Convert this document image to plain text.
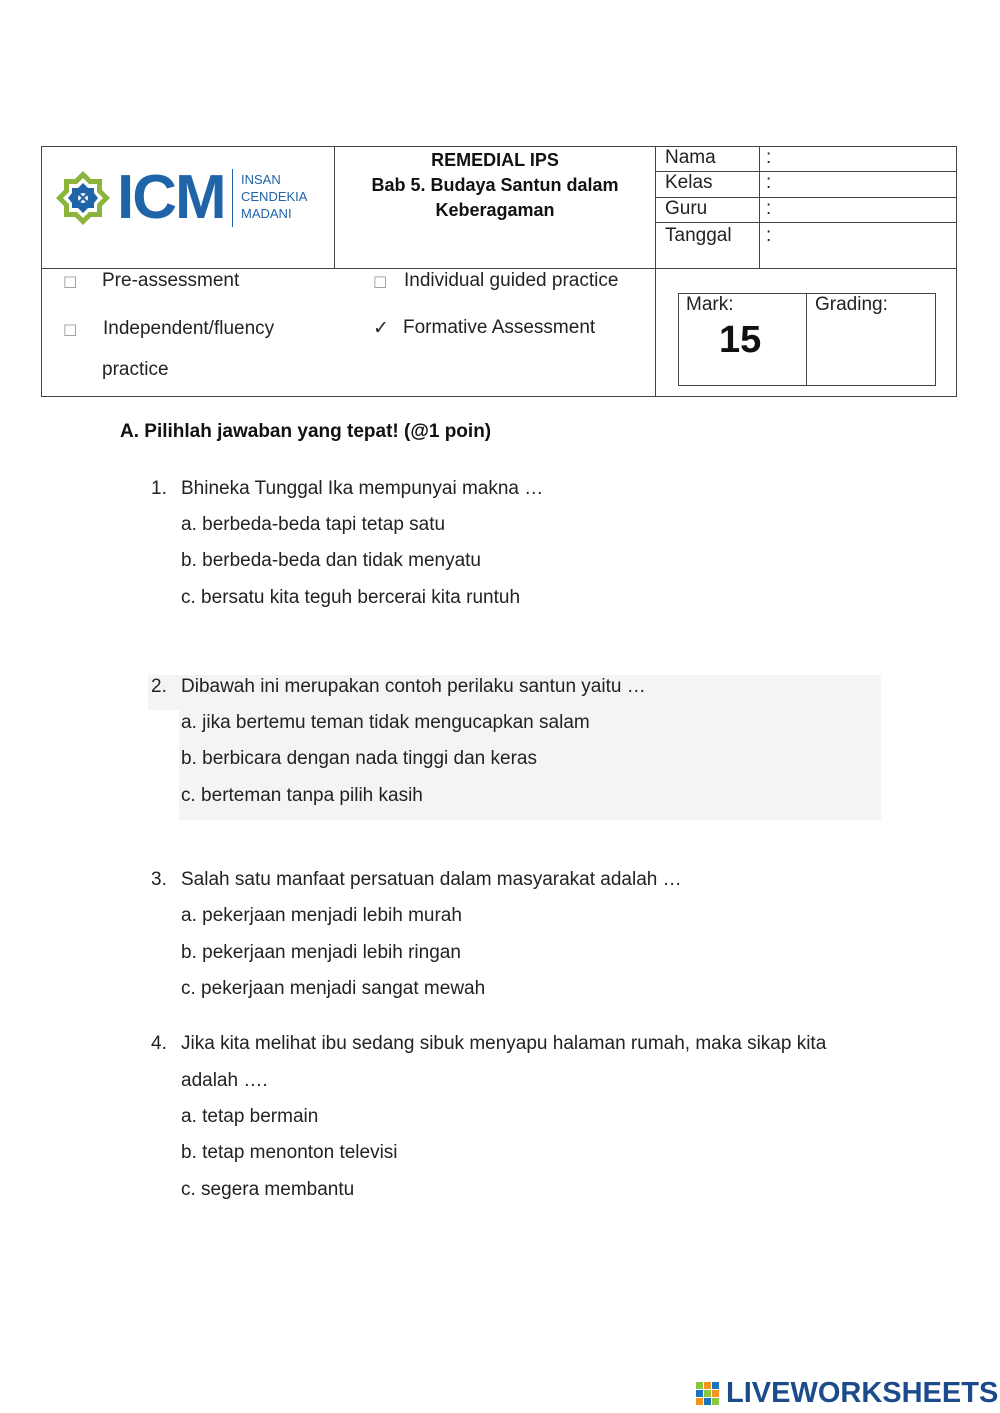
ICM INSAN
CENDEKIA
MADANI
REMEDIAL IPS
Bab 5. Budaya Santun dalam
Keberagaman
Nama	:
Kelas	:
Guru	:
Tanggal :
☐ Pre-assessment
☐ Independent/fluency
practice
☐ Individual guided practice
✓ Formative Assessment
Mark:
15
Grading:
A. Pilihlah jawaban yang tepat! (@1 poin)
1. Bhineka Tunggal Ika mempunyai makna …
a. berbeda-beda tapi tetap satu
b. berbeda-beda dan tidak menyatu
c. bersatu kita teguh bercerai kita runtuh
2. Dibawah ini merupakan contoh perilaku santun yaitu …
a. jika bertemu teman tidak mengucapkan salam
b. berbicara dengan nada tinggi dan keras
c. berteman tanpa pilih kasih
3. Salah satu manfaat persatuan dalam masyarakat adalah …
a. pekerjaan menjadi lebih murah
b. pekerjaan menjadi lebih ringan
c. pekerjaan menjadi sangat mewah
4. Jika kita melihat ibu sedang sibuk menyapu halaman rumah, maka sikap kita
adalah ….
a. tetap bermain
b. tetap menonton televisi
c. segera membantu
LIVEWORKSHEETS
